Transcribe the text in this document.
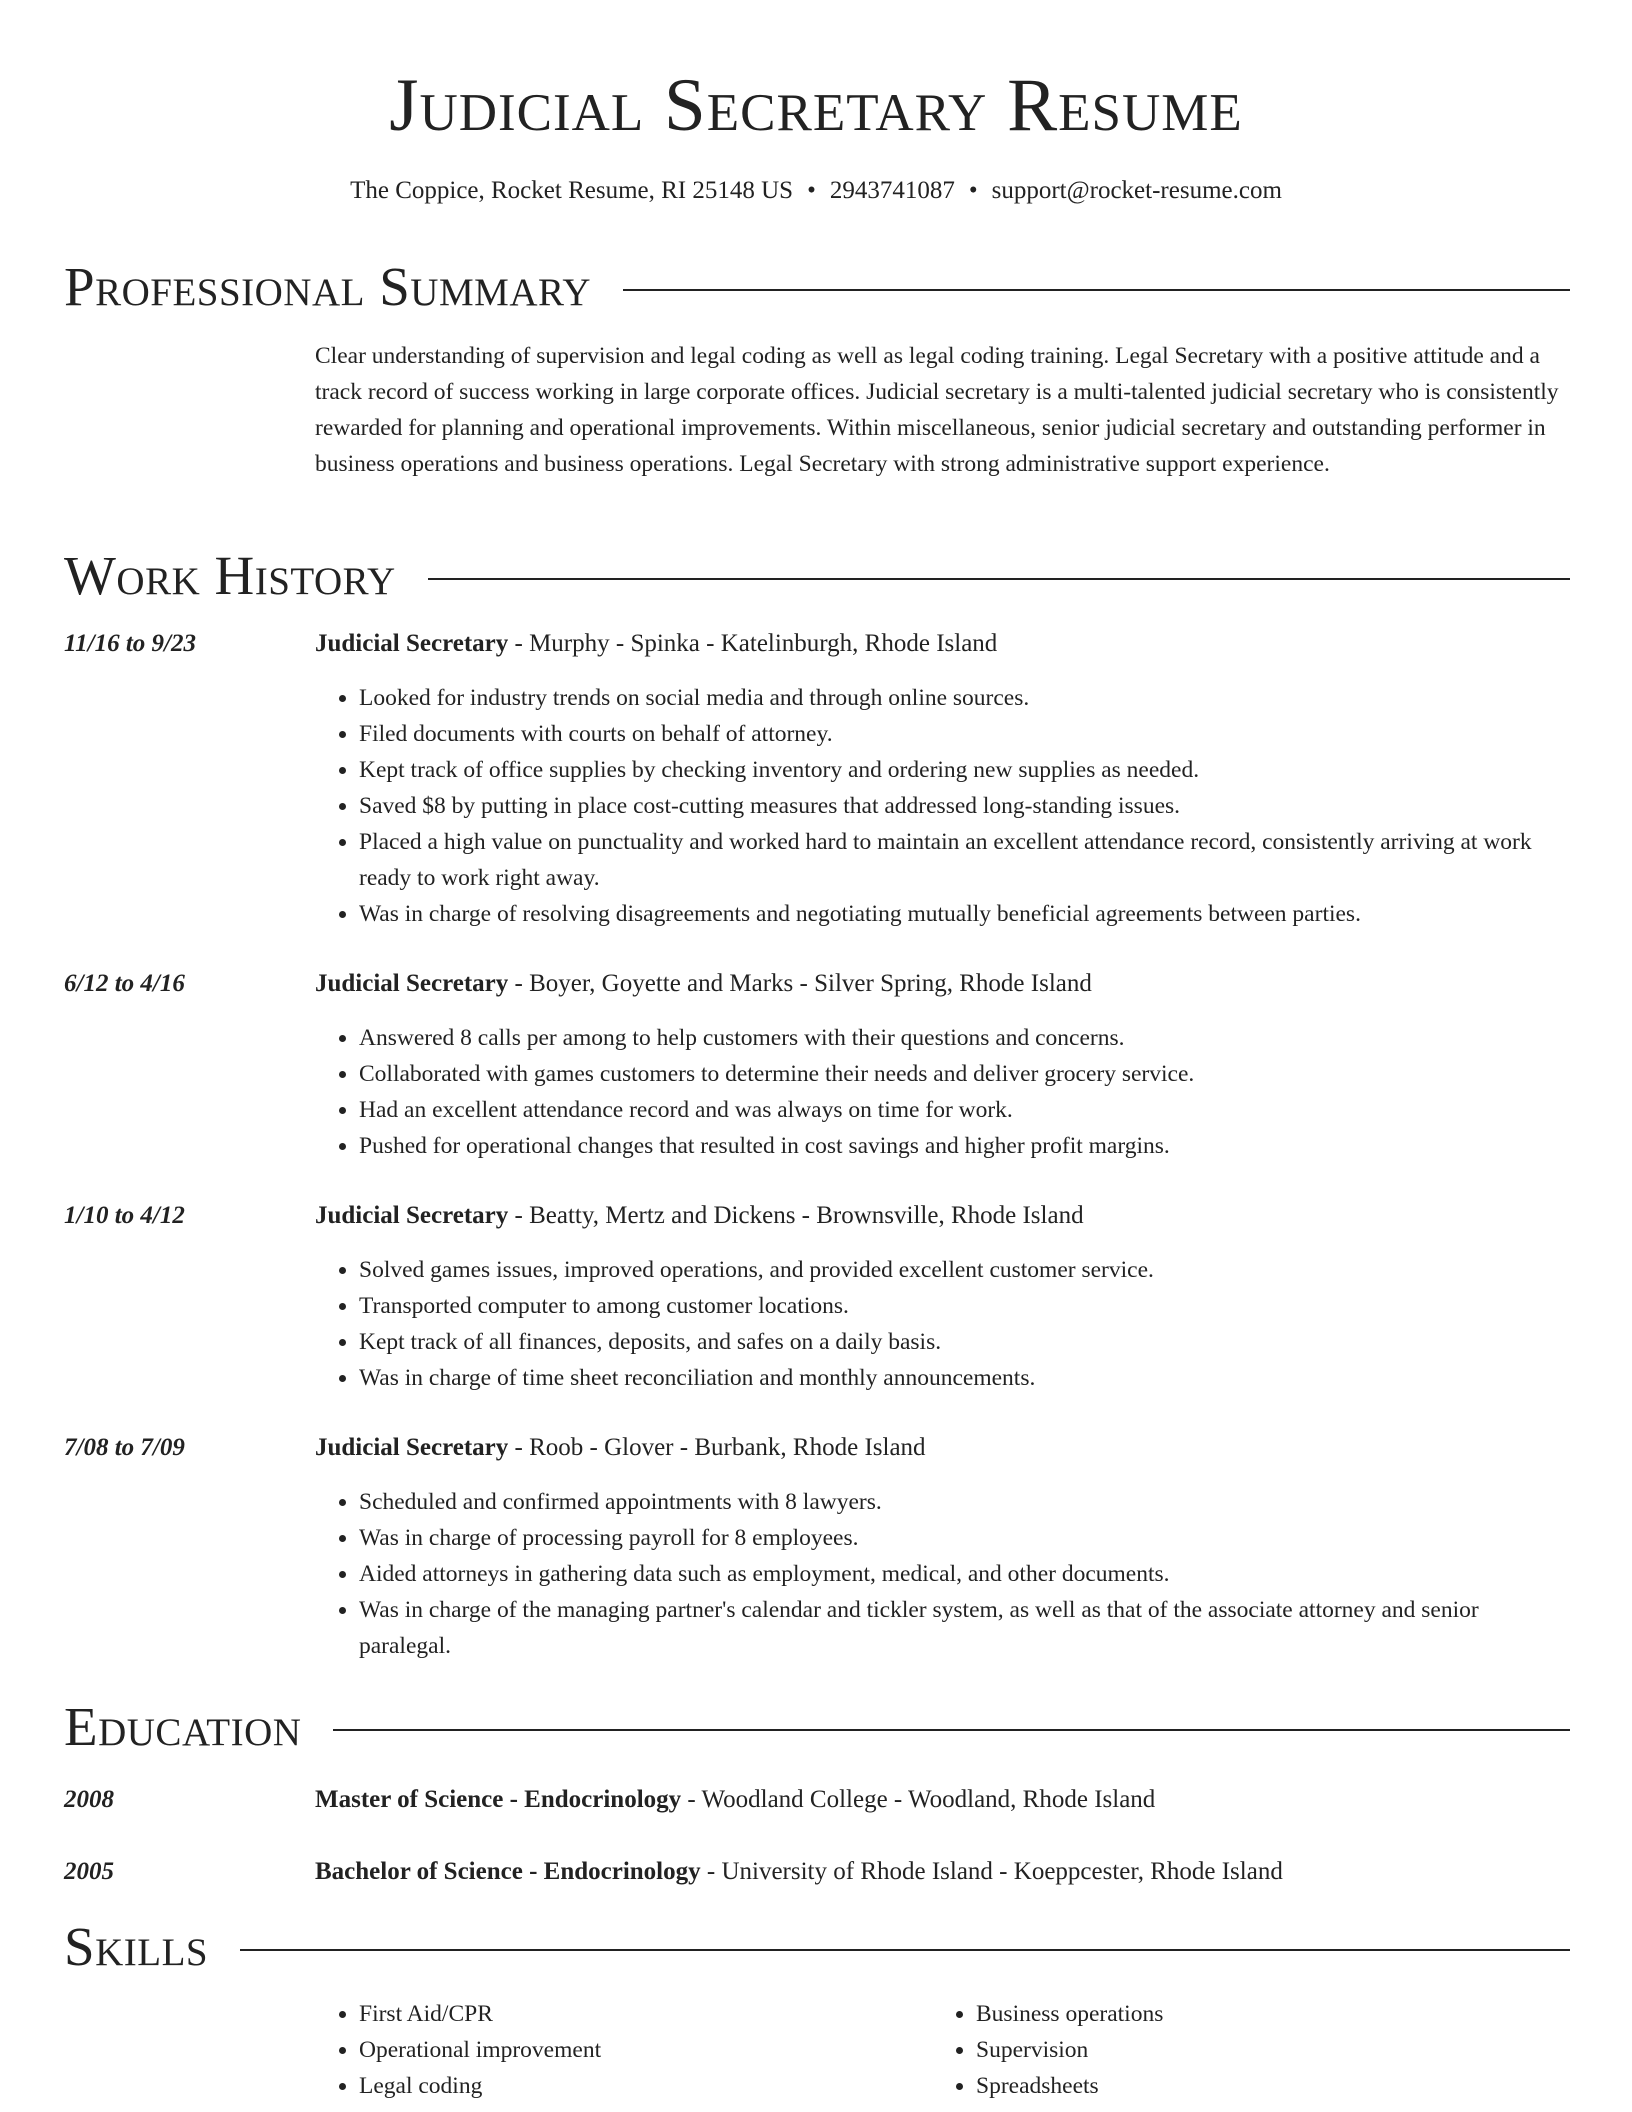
Judicial Secretary Resume
The Coppice, Rocket Resume, RI 25148 US • 2943741087 • support@rocket-resume.com
Professional Summary

Clear understanding of supervision and legal coding as well as legal coding training. Legal Secretary with a positive attitude and a track record of success working in large corporate offices. Judicial secretary is a multi-talented judicial secretary who is consistently rewarded for planning and operational improvements. Within miscellaneous, senior judicial secretary and outstanding performer in business operations and business operations. Legal Secretary with strong administrative support experience.

Work History
11/16 to 9/23	Judicial Secretary - Murphy - Spinka - Katelinburgh, Rhode Island
• Looked for industry trends on social media and through online sources.
• Filed documents with courts on behalf of attorney.
• Kept track of office supplies by checking inventory and ordering new supplies as needed.
• Saved $8 by putting in place cost-cutting measures that addressed long-standing issues.
• Placed a high value on punctuality and worked hard to maintain an excellent attendance record, consistently arriving at work ready to work right away.
• Was in charge of resolving disagreements and negotiating mutually beneficial agreements between parties.
6/12 to 4/16	Judicial Secretary - Boyer, Goyette and Marks - Silver Spring, Rhode Island
• Answered 8 calls per among to help customers with their questions and concerns.
• Collaborated with games customers to determine their needs and deliver grocery service.
• Had an excellent attendance record and was always on time for work.
• Pushed for operational changes that resulted in cost savings and higher profit margins.
1/10 to 4/12	Judicial Secretary - Beatty, Mertz and Dickens - Brownsville, Rhode Island
• Solved games issues, improved operations, and provided excellent customer service.
• Transported computer to among customer locations.
• Kept track of all finances, deposits, and safes on a daily basis.
• Was in charge of time sheet reconciliation and monthly announcements.
7/08 to 7/09	Judicial Secretary - Roob - Glover - Burbank, Rhode Island
• Scheduled and confirmed appointments with 8 lawyers.
• Was in charge of processing payroll for 8 employees.
• Aided attorneys in gathering data such as employment, medical, and other documents.
• Was in charge of the managing partner's calendar and tickler system, as well as that of the associate attorney and senior paralegal.
Education
2008	Master of Science - Endocrinology - Woodland College - Woodland, Rhode Island
2005	Bachelor of Science - Endocrinology - University of Rhode Island - Koeppcester, Rhode Island
Skills
• First Aid/CPR
• Operational improvement
• Legal coding
• Business operations
• Supervision
• Spreadsheets
